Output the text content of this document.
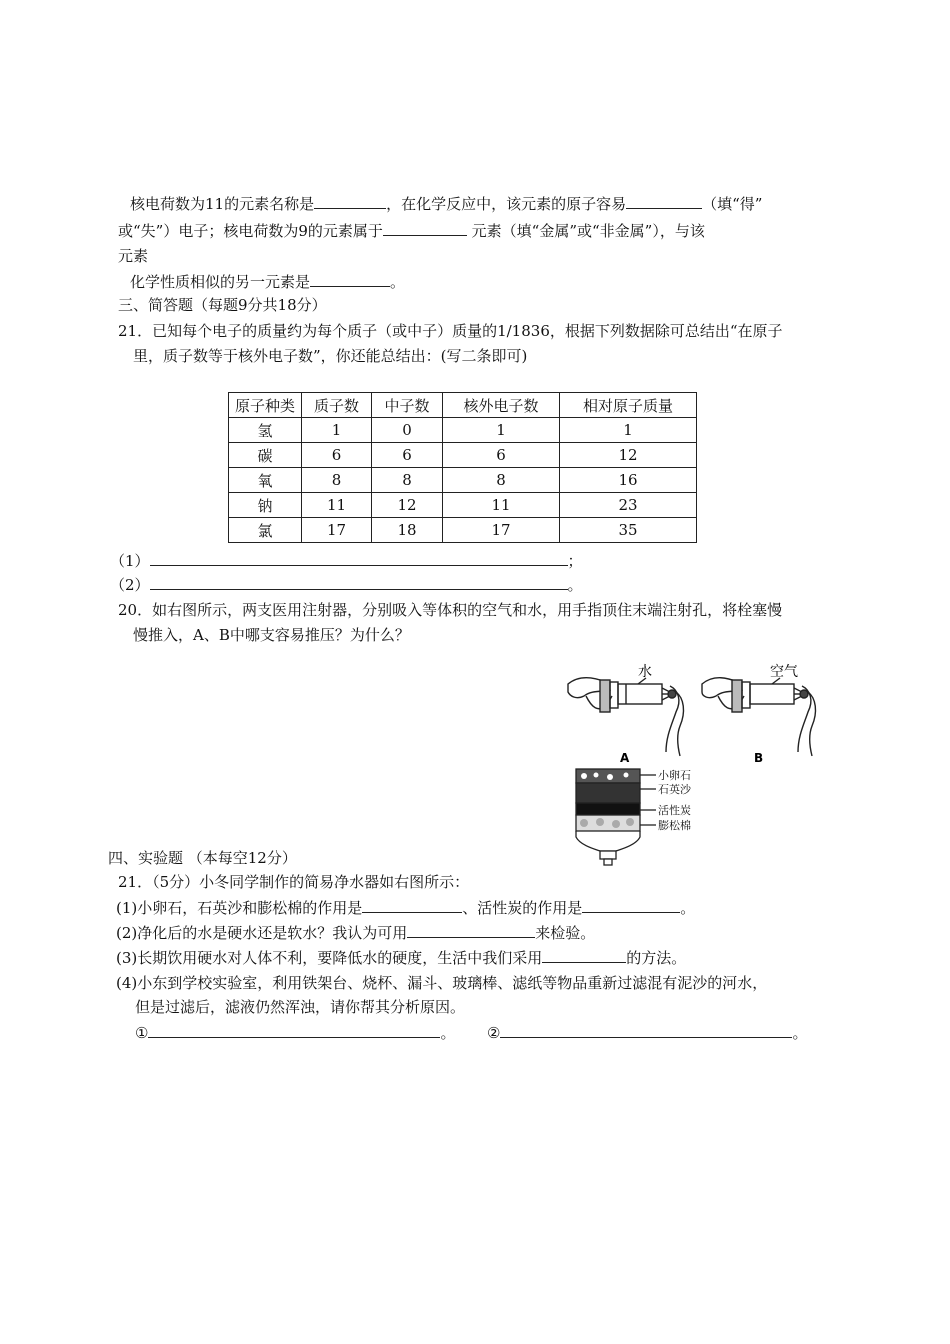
核电荷数为11的元素名称是	，在化学反应中，该元素的原子容易	（填“得”
或“失”）电子；核电荷数为9的元素属于	元素（填“金属”或“非金属”），与该
元素
化学性质相似的另一元素是	。
三、简答题（每题9分共18分）
21．已知每个电子的质量约为每个质子（或中子）质量的1/1836，根据下列数据除可总结出“在原子
里，质子数等于核外电子数”，你还能总结出：(写二条即可)
原子种类	质子数	中子数	核外电子数	相对原子质量
氢	1	0	1	1
碳	6	6	6	12
氧	8	8	8	16
钠	11	12	11	23
氯	17	18	17	35
（1）	；
（2）	。
20．如右图所示，两支医用注射器，分别吸入等体积的空气和水，用手指顶住末端注射孔，将栓塞慢
慢推入，A、B中哪支容易推压？为什么？
水	空气
A	B
小卵石
石英沙
活性炭
膨松棉
四、实验题 （本每空12分）
21．（5分）小冬同学制作的简易净水器如右图所示：
(1)小卵石，石英沙和膨松棉的作用是	、活性炭的作用是	。
(2)净化后的水是硬水还是软水？我认为可用	来检验。
(3)长期饮用硬水对人体不利，要降低水的硬度，生活中我们采用	的方法。
(4)小东到学校实验室，利用铁架台、烧杯、漏斗、玻璃棒、滤纸等物品重新过滤混有泥沙的河水，
但是过滤后，滤液仍然浑浊，请你帮其分析原因。
①	。 ②	。
